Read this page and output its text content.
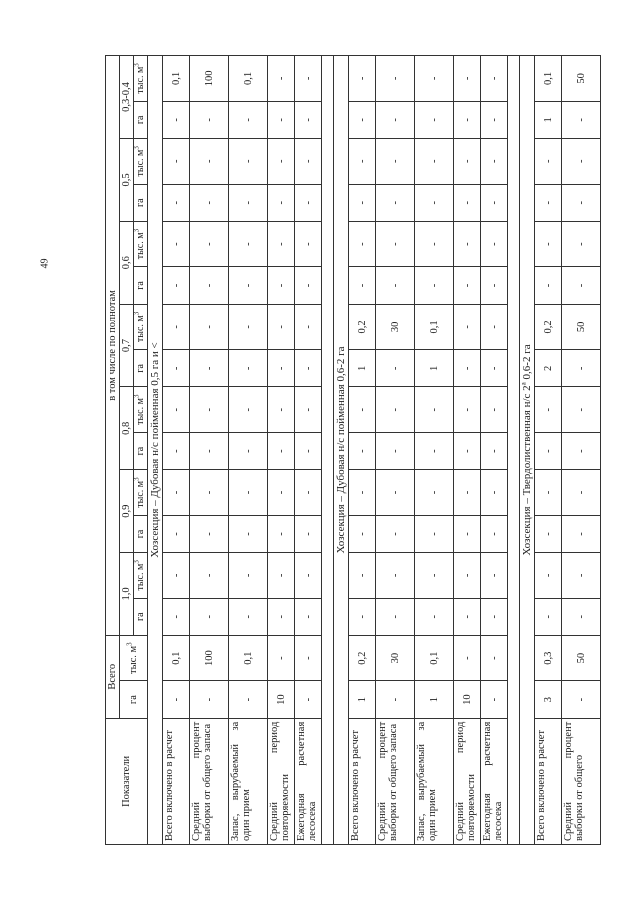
49
Показатели	Всего		в том числе по полнотам													
	га	тыс. $м^3$	1,0		0,9		0,8		0,7		0,6		0,5		0,3-0,4	
			га	тыс. $м^3$	га	тыс. $м^3$	га	тыс. $м^3$	га	тыс. $м^3$	га	тыс. $м^3$	га	тыс. $м^3$	га	тыс. $м^3$
Хозсекция – Дубовая н/с пойменная 0,5 га и <																
Всего включено в расчет	-	0,1	-	-	-	-	-	-	-	-	-	-	-	-	-	0,1
Средний процент выборки от общего запаса	-	100	-	-	-	-	-	-	-	-	-	-	-	-	-	100
Запас, вырубаемый за один прием	-	0,1	-	-	-	-	-	-	-	-	-	-	-	-	-	0,1
Средний период повторяемости	10	-	-	-	-	-	-	-	-	-	-	-	-	-	-	-
Ежегодная расчетная лесосека	-	-	-	-	-	-	-	-	-	-	-	-	-	-	-	-

Хозсекция – Дубовая н/с пойменная 0,6-2 га																
Всего включено в расчет	1	0,2	-	-	-	-	-	-	1	0,2	-	-	-	-	-	-
Средний процент выборки от общего запаса	-	30	-	-	-	-	-	-	-	30	-	-	-	-	-	-
Запас, вырубаемый за один прием	1	0,1	-	-	-	-	-	-	1	0,1	-	-	-	-	-	-
Средний период повторяемости	10	-	-	-	-	-	-	-	-	-	-	-	-	-	-	-
Ежегодная расчетная лесосека	-	-	-	-	-	-	-	-	-	-	-	-	-	-	-	-

Хозсекция – Твердолиственная н/с $2^а$ 0,6-2 га																
Всего включено в расчет	3	0,3	-	-	-	-	-	-	2	0,2	-	-	-	-	1	0,1
Средний процент выборки от общего	-	50	-	-	-	-	-	-	-	50	-	-	-	-	-	50
